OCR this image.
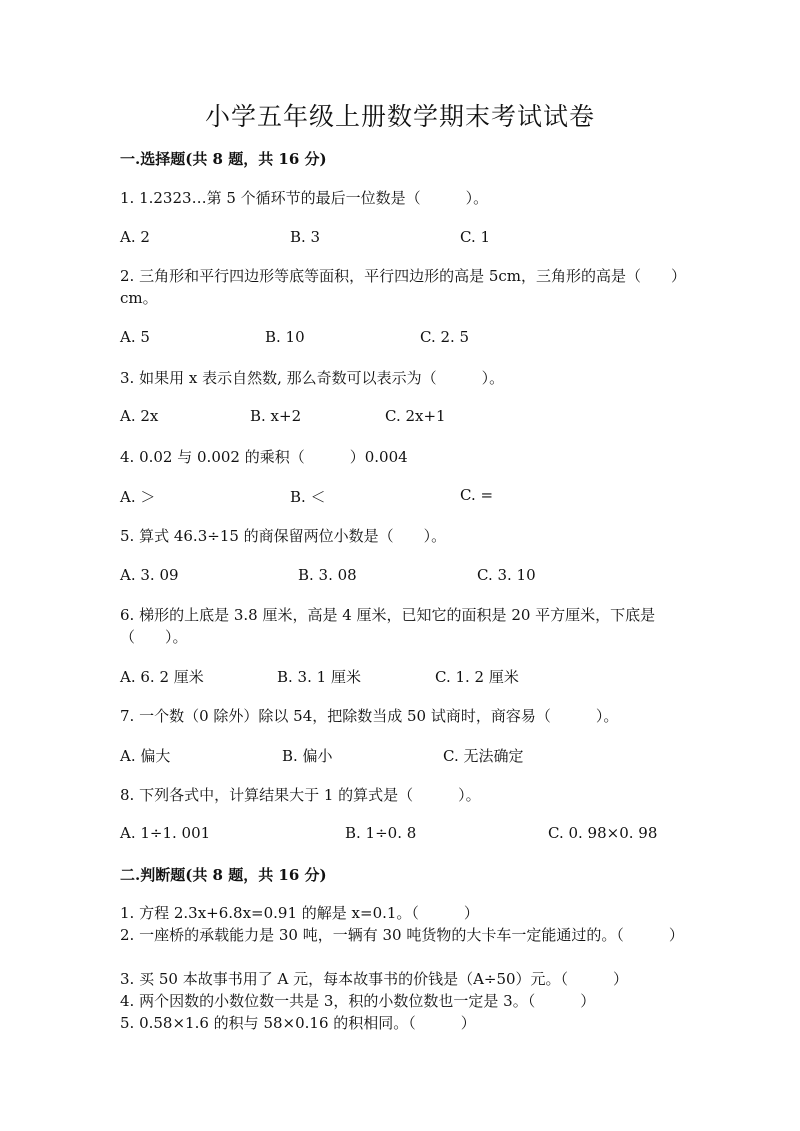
小学五年级上册数学期末考试试卷
一.选择题(共 8 题，共 16 分)
1. 1.2323…第 5 个循环节的最后一位数是（　　　）。
A. 2	B. 3	C. 1
2. 三角形和平行四边形等底等面积，平行四边形的高是 5cm，三角形的高是（　　）cm。
A. 5	B. 10	C. 2. 5
3. 如果用 x 表示自然数, 那么奇数可以表示为（　　　）。
A. 2x	B. x+2	C. 2x+1
4. 0.02 与 0.002 的乘积（　　　）0.004
A. ＞	B. ＜	C. =
5. 算式 46.3÷15 的商保留两位小数是（　　）。
A. 3. 09	B. 3. 08	C. 3. 10
6. 梯形的上底是 3.8 厘米，高是 4 厘米，已知它的面积是 20 平方厘米，下底是（　　）。
A. 6. 2 厘米	B. 3. 1 厘米	C. 1. 2 厘米
7. 一个数（0 除外）除以 54，把除数当成 50 试商时，商容易（　　　）。
A. 偏大	B. 偏小	C. 无法确定
8. 下列各式中，计算结果大于 1 的算式是（　　　）。
A. 1÷1. 001	B. 1÷0. 8	C. 0. 98×0. 98
二.判断题(共 8 题，共 16 分)
1. 方程 2.3x+6.8x=0.91 的解是 x=0.1。（　　　）
2. 一座桥的承载能力是 30 吨，一辆有 30 吨货物的大卡车一定能通过的。（　　　）
3. 买 50 本故事书用了 A 元，每本故事书的价钱是（A÷50）元。（　　　）
4. 两个因数的小数位数一共是 3，积的小数位数也一定是 3。（　　　）
5. 0.58×1.6 的积与 58×0.16 的积相同。（　　　）
